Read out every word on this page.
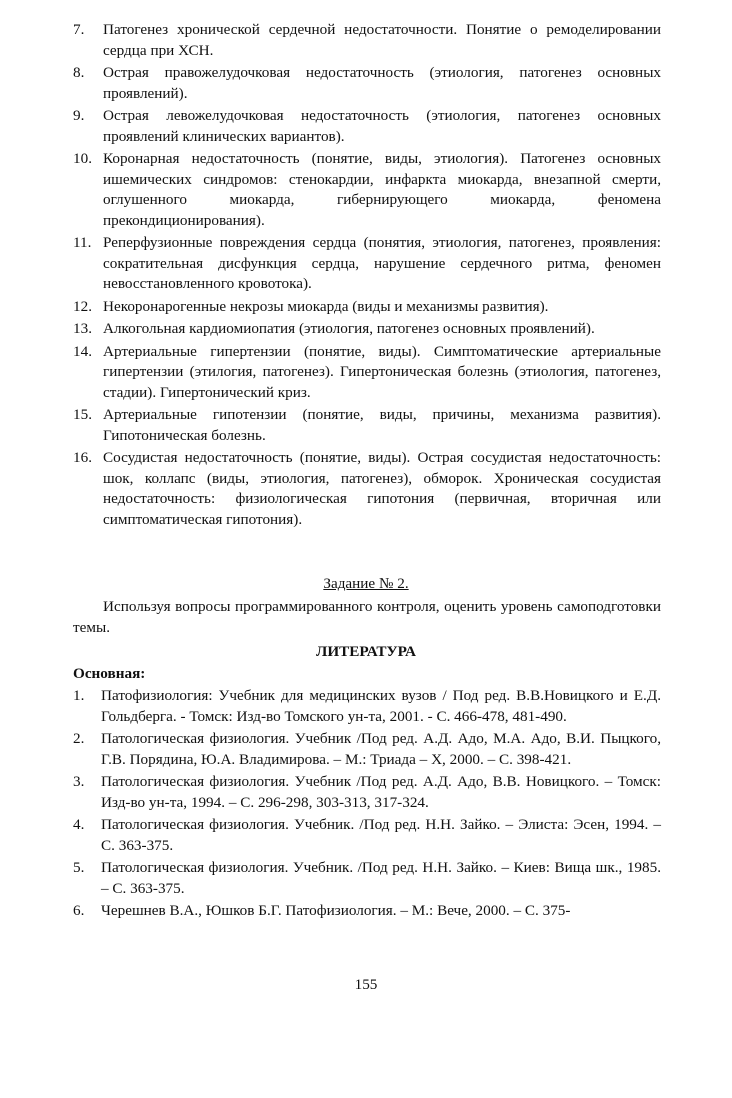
7.	Патогенез хронической сердечной недостаточности. Понятие о ремоделировании сердца при ХСН.
8.	Острая правожелудочковая недостаточность (этиология, патогенез основных проявлений).
9.	Острая левожелудочковая недостаточность (этиология, патогенез основных проявлений клинических вариантов).
10. Коронарная недостаточность (понятие, виды, этиология). Патогенез основных ишемических синдромов: стенокардии, инфаркта миокарда, внезапной смерти, оглушенного миокарда, гибернирующего миокарда, феномена прекондиционирования).
11. Реперфузионные повреждения сердца (понятия, этиология, патогенез, проявления: сократительная дисфункция сердца, нарушение сердечного ритма, феномен невосстановленного кровотока).
12. Некоронарогенные некрозы миокарда (виды и механизмы развития).
13. Алкогольная кардиомиопатия (этиология, патогенез основных проявлений).
14. Артериальные гипертензии (понятие, виды). Симптоматические артериальные гипертензии (этилогия, патогенез). Гипертоническая болезнь (этиология, патогенез, стадии). Гипертонический криз.
15. Артериальные гипотензии (понятие, виды, причины, механизма развития). Гипотоническая болезнь.
16. Сосудистая недостаточность (понятие, виды). Острая сосудистая недостаточность: шок, коллапс (виды, этиология, патогенез), обморок. Хроническая сосудистая недостаточность: физиологическая гипотония (первичная, вторичная или симптоматическая гипотония).
Задание № 2.
Используя вопросы программированного контроля, оценить уровень самоподготовки темы.
ЛИТЕРАТУРА
Основная:
1.	Патофизиология: Учебник для медицинских вузов / Под ред. В.В.Новицкого и Е.Д. Гольдберга. - Томск: Изд-во Томского ун-та, 2001. - С. 466-478, 481-490.
2.	Патологическая физиология. Учебник /Под ред. А.Д. Адо, М.А. Адо, В.И. Пыцкого, Г.В. Порядина, Ю.А. Владимирова. – М.: Триада – Х, 2000. – С. 398-421.
3.	Патологическая физиология. Учебник /Под ред. А.Д. Адо, В.В. Новицкого. – Томск: Изд-во ун-та, 1994. – С. 296-298, 303-313, 317-324.
4.	Патологическая физиология. Учебник. /Под ред. Н.Н. Зайко. – Элиста: Эсен, 1994. – С. 363-375.
5.	Патологическая физиология. Учебник. /Под ред. Н.Н. Зайко. – Киев: Вища шк., 1985. – С. 363-375.
6.	Черешнев В.А., Юшков Б.Г. Патофизиология. – М.: Вече, 2000. – С. 375-
155
